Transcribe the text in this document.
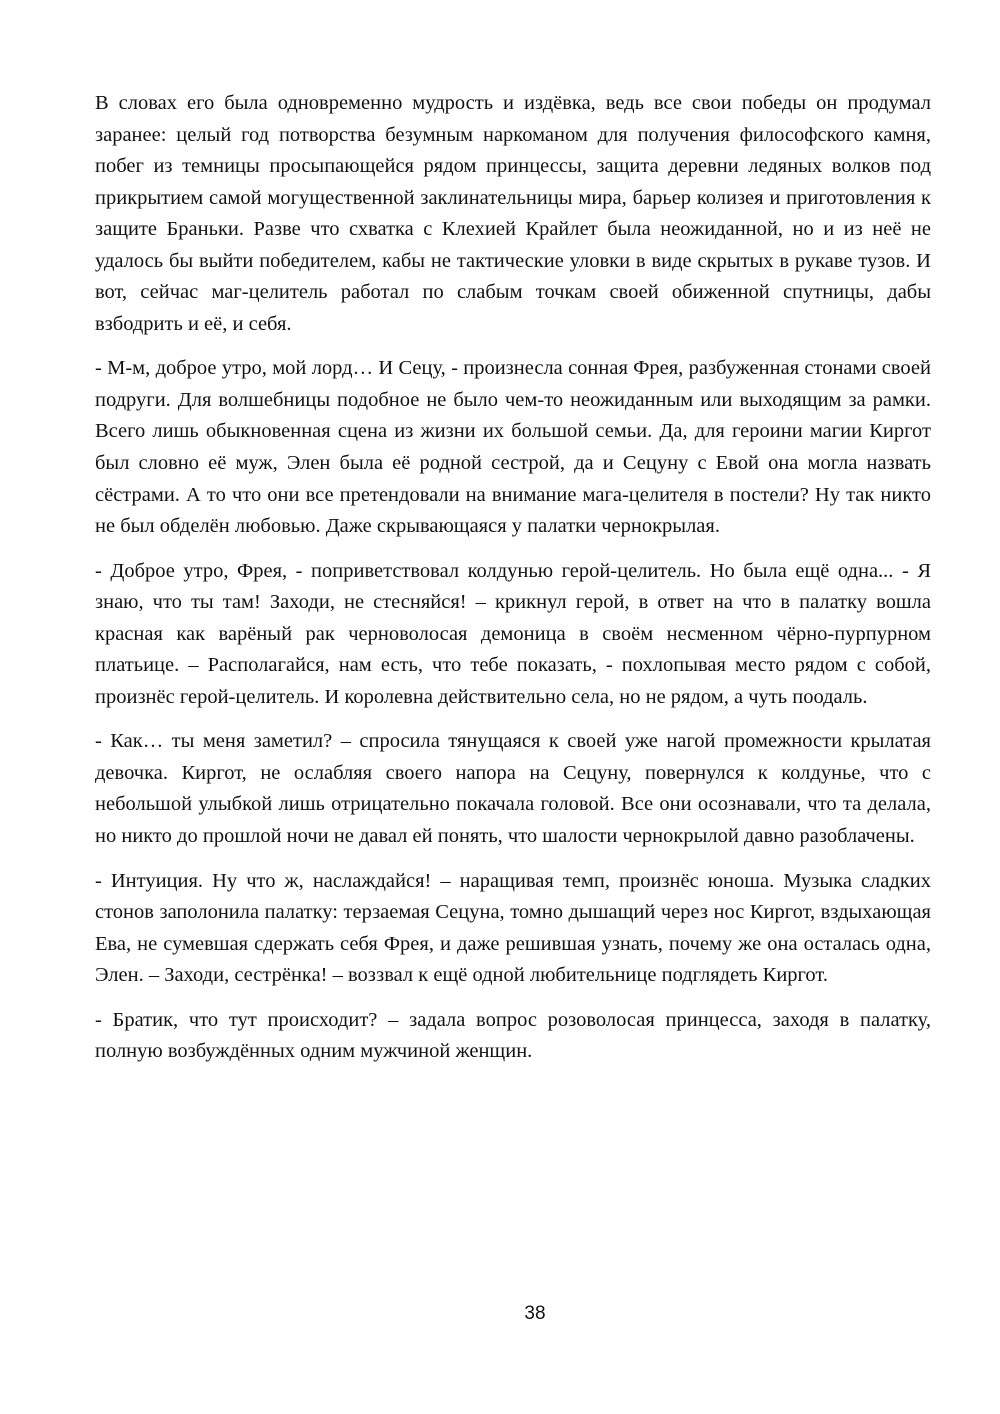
В словах его была одновременно мудрость и издёвка, ведь все свои победы он продумал заранее: целый год потворства безумным наркоманом для получения философского камня, побег из темницы просыпающейся рядом принцессы, защита деревни ледяных волков под прикрытием самой могущественной заклинательницы мира, барьер колизея и приготовления к защите Браньки. Разве что схватка с Клехией Крайлет была неожиданной, но и из неё не удалось бы выйти победителем, кабы не тактические уловки в виде скрытых в рукаве тузов. И вот, сейчас маг-целитель работал по слабым точкам своей обиженной спутницы, дабы взбодрить и её, и себя.

- М-м, доброе утро, мой лорд… И Сецу, - произнесла сонная Фрея, разбуженная стонами своей подруги. Для волшебницы подобное не было чем-то неожиданным или выходящим за рамки. Всего лишь обыкновенная сцена из жизни их большой семьи. Да, для героини магии Киргот был словно её муж, Элен была её родной сестрой, да и Сецуну с Евой она могла назвать сёстрами. А то что они все претендовали на внимание мага-целителя в постели? Ну так никто не был обделён любовью. Даже скрывающаяся у палатки чернокрылая.

- Доброе утро, Фрея, - поприветствовал колдунью герой-целитель. Но была ещё одна... - Я знаю, что ты там! Заходи, не стесняйся! – крикнул герой, в ответ на что в палатку вошла красная как варёный рак черноволосая демоница в своём несменном чёрно-пурпурном платьице. – Располагайся, нам есть, что тебе показать, - похлопывая место рядом с собой, произнёс герой-целитель. И королевна действительно села, но не рядом, а чуть поодаль.

- Как… ты меня заметил? – спросила тянущаяся к своей уже нагой промежности крылатая девочка. Киргот, не ослабляя своего напора на Сецуну, повернулся к колдунье, что с небольшой улыбкой лишь отрицательно покачала головой. Все они осознавали, что та делала, но никто до прошлой ночи не давал ей понять, что шалости чернокрылой давно разоблачены.

- Интуиция. Ну что ж, наслаждайся! – наращивая темп, произнёс юноша. Музыка сладких стонов заполонила палатку: терзаемая Сецуна, томно дышащий через нос Киргот, вздыхающая Ева, не сумевшая сдержать себя Фрея, и даже решившая узнать, почему же она осталась одна, Элен. – Заходи, сестрёнка! – воззвал к ещё одной любительнице подглядеть Киргот.

- Братик, что тут происходит? – задала вопрос розоволосая принцесса, заходя в палатку, полную возбуждённых одним мужчиной женщин.

38
